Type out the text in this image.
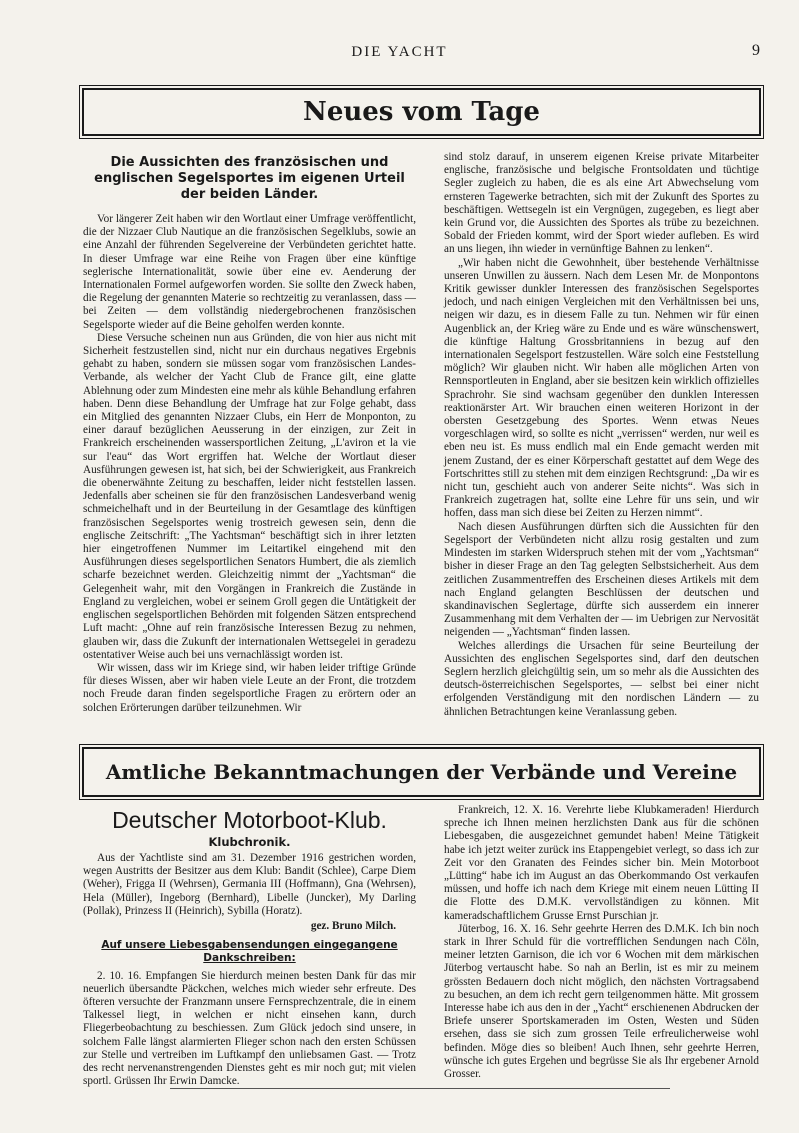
DIE YACHT	9
Neues vom Tage
Die Aussichten des französischen und englischen Segelsportes im eigenen Urteil der beiden Länder.

Vor längerer Zeit haben wir den Wortlaut einer Umfrage veröffentlicht, die der Nizzaer Club Nautique an die französischen Segelklubs, sowie an eine Anzahl der führenden Segelvereine der Verbündeten gerichtet hatte. In dieser Umfrage war eine Reihe von Fragen über eine künftige seglerische Internationalität, sowie über eine ev. Aenderung der Internationalen Formel aufgeworfen worden. Sie sollte den Zweck haben, die Regelung der genannten Materie so rechtzeitig zu veranlassen, dass — bei Zeiten — dem vollständig niedergebrochenen französischen Segelsporte wieder auf die Beine geholfen werden konnte.

Diese Versuche scheinen nun aus Gründen, die von hier aus nicht mit Sicherheit festzustellen sind, nicht nur ein durchaus negatives Ergebnis gehabt zu haben, sondern sie müssen sogar vom französischen Landes-Verbande, als welcher der Yacht Club de France gilt, eine glatte Ablehnung oder zum Mindesten eine mehr als kühle Behandlung erfahren haben. Denn diese Behandlung der Umfrage hat zur Folge gehabt, dass ein Mitglied des genannten Nizzaer Clubs, ein Herr de Monponton, zu einer darauf bezüglichen Aeusserung in der einzigen, zur Zeit in Frankreich erscheinenden wassersportlichen Zeitung, „L'aviron et la vie sur l'eau“ das Wort ergriffen hat. Welche der Wortlaut dieser Ausführungen gewesen ist, hat sich, bei der Schwierigkeit, aus Frankreich die obenerwähnte Zeitung zu beschaffen, leider nicht feststellen lassen. Jedenfalls aber scheinen sie für den französischen Landesverband wenig schmeichelhaft und in der Beurteilung in der Gesamtlage des künftigen französischen Segelsportes wenig trostreich gewesen sein, denn die englische Zeitschrift: „The Yachtsman“ beschäftigt sich in ihrer letzten hier eingetroffenen Nummer im Leitartikel eingehend mit den Ausführungen dieses segelsportlichen Senators Humbert, die als ziemlich scharfe bezeichnet werden. Gleichzeitig nimmt der „Yachtsman“ die Gelegenheit wahr, mit den Vorgängen in Frankreich die Zustände in England zu vergleichen, wobei er seinem Groll gegen die Untätigkeit der englischen segelsportlichen Behörden mit folgenden Sätzen entsprechend Luft macht: „Ohne auf rein französische Interessen Bezug zu nehmen, glauben wir, dass die Zukunft der internationalen Wettsegelei in geradezu ostentativer Weise auch bei uns vernachlässigt worden ist.

Wir wissen, dass wir im Kriege sind, wir haben leider triftige Gründe für dieses Wissen, aber wir haben viele Leute an der Front, die trotzdem noch Freude daran finden segelsportliche Fragen zu erörtern oder an solchen Erörterungen darüber teilzunehmen. Wir

sind stolz darauf, in unserem eigenen Kreise private Mitarbeiter englische, französische und belgische Frontsoldaten und tüchtige Segler zugleich zu haben, die es als eine Art Abwechselung vom ernsteren Tagewerke betrachten, sich mit der Zukunft des Sportes zu beschäftigen. Wettsegeln ist ein Vergnügen, zugegeben, es liegt aber kein Grund vor, die Aussichten des Sportes als trübe zu bezeichnen. Sobald der Frieden kommt, wird der Sport wieder aufleben. Es wird an uns liegen, ihn wieder in vernünftige Bahnen zu lenken“.

„Wir haben nicht die Gewohnheit, über bestehende Verhältnisse unseren Unwillen zu äussern. Nach dem Lesen Mr. de Monpontons Kritik gewisser dunkler Interessen des französischen Segelsportes jedoch, und nach einigen Vergleichen mit den Verhältnissen bei uns, neigen wir dazu, es in diesem Falle zu tun. Nehmen wir für einen Augenblick an, der Krieg wäre zu Ende und es wäre wünschenswert, die künftige Haltung Grossbritanniens in bezug auf den internationalen Segelsport festzustellen. Wäre solch eine Feststellung möglich? Wir glauben nicht. Wir haben alle möglichen Arten von Rennsportleuten in England, aber sie besitzen kein wirklich offizielles Sprachrohr. Sie sind wachsam gegenüber den dunklen Interessen reaktionärster Art. Wir brauchen einen weiteren Horizont in der obersten Gesetzgebung des Sportes. Wenn etwas Neues vorgeschlagen wird, so sollte es nicht „verrissen“ werden, nur weil es eben neu ist. Es muss endlich mal ein Ende gemacht werden mit jenem Zustand, der es einer Körperschaft gestattet auf dem Wege des Fortschrittes still zu stehen mit dem einzigen Rechtsgrund: „Da wir es nicht tun, geschieht auch von anderer Seite nichts“. Was sich in Frankreich zugetragen hat, sollte eine Lehre für uns sein, und wir hoffen, dass man sich diese bei Zeiten zu Herzen nimmt“.

Nach diesen Ausführungen dürften sich die Aussichten für den Segelsport der Verbündeten nicht allzu rosig gestalten und zum Mindesten im starken Widerspruch stehen mit der vom „Yachtsman“ bisher in dieser Frage an den Tag gelegten Selbstsicherheit. Aus dem zeitlichen Zusammentreffen des Erscheinen dieses Artikels mit dem nach England gelangten Beschlüssen der deutschen und skandinavischen Seglertage, dürfte sich ausserdem ein innerer Zusammenhang mit dem Verhalten der — im Uebrigen zur Nervosität neigenden — „Yachtsman“ finden lassen.

Welches allerdings die Ursachen für seine Beurteilung der Aussichten des englischen Segelsportes sind, darf den deutschen Seglern herzlich gleichgültig sein, um so mehr als die Aussichten des deutsch-österreichischen Segelsportes, — selbst bei einer nicht erfolgenden Verständigung mit den nordischen Ländern — zu ähnlichen Betrachtungen keine Veranlassung geben.

Amtliche Bekanntmachungen der Verbände und Vereine
Deutscher Motorboot-Klub.
Klubchronik.

Aus der Yachtliste sind am 31. Dezember 1916 gestrichen worden, wegen Austritts der Besitzer aus dem Klub: Bandit (Schlee), Carpe Diem (Weher), Frigga II (Wehrsen), Germania III (Hoffmann), Gna (Wehrsen), Hela (Müller), Ingeborg (Bernhard), Libelle (Juncker), My Darling (Pollak), Prinzess II (Heinrich), Sybilla (Horatz).

gez. Bruno Milch.
Auf unsere Liebesgabensendungen eingegangene Dankschreiben:

2. 10. 16. Empfangen Sie hierdurch meinen besten Dank für das mir neuerlich übersandte Päckchen, welches mich wieder sehr erfreute. Des öfteren versuchte der Franzmann unsere Fernsprechzentrale, die in einem Talkessel liegt, in welchen er nicht einsehen kann, durch Fliegerbeobachtung zu beschiessen. Zum Glück jedoch sind unsere, in solchem Falle längst alarmierten Flieger schon nach den ersten Schüssen zur Stelle und vertreiben im Luftkampf den unliebsamen Gast. — Trotz des recht nervenanstrengenden Dienstes geht es mir noch gut; mit vielen sportl. Grüssen Ihr Erwin Damcke.

Frankreich, 12. X. 16. Verehrte liebe Klubkameraden! Hierdurch spreche ich Ihnen meinen herzlichsten Dank aus für die schönen Liebesgaben, die ausgezeichnet gemundet haben! Meine Tätigkeit habe ich jetzt weiter zurück ins Etappengebiet verlegt, so dass ich zur Zeit vor den Granaten des Feindes sicher bin. Mein Motorboot „Lütting“ habe ich im August an das Oberkommando Ost verkaufen müssen, und hoffe ich nach dem Kriege mit einem neuen Lütting II die Flotte des D.M.K. vervollständigen zu können. Mit kameradschaftlichem Grusse Ernst Purschian jr.

Jüterbog, 16. X. 16. Sehr geehrte Herren des D.M.K. Ich bin noch stark in Ihrer Schuld für die vortrefflichen Sendungen nach Cöln, meiner letzten Garnison, die ich vor 6 Wochen mit dem märkischen Jüterbog vertauscht habe. So nah an Berlin, ist es mir zu meinem grössten Bedauern doch nicht möglich, den nächsten Vortragsabend zu besuchen, an dem ich recht gern teilgenommen hätte. Mit grossem Interesse habe ich aus den in der „Yacht“ erschienenen Abdrucken der Briefe unserer Sportskameraden im Osten, Westen und Süden ersehen, dass sie sich zum grossen Teile erfreulicherweise wohl befinden. Möge dies so bleiben! Auch Ihnen, sehr geehrte Herren, wünsche ich gutes Ergehen und begrüsse Sie als Ihr ergebener Arnold Grosser.
